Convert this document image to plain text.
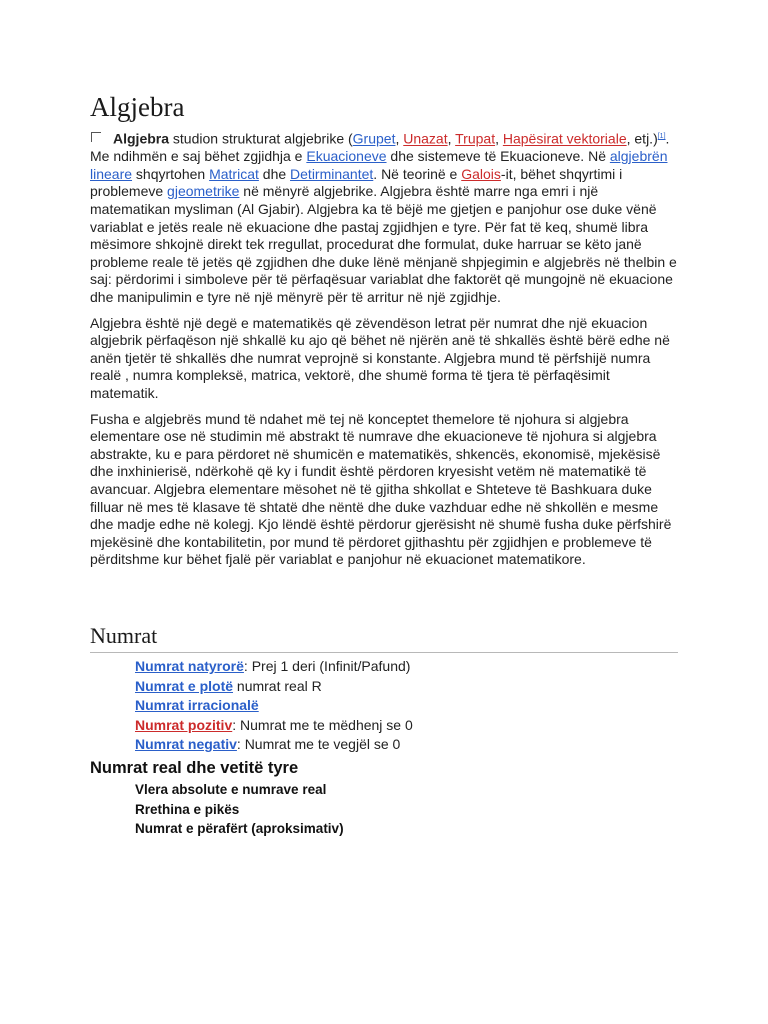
Algjebra

Algjebra studion strukturat algjebrike (Grupet, Unazat, Trupat, Hapësirat vektoriale, etj.)[1]. Me ndihmën e saj bëhet zgjidhja e Ekuacioneve dhe sistemeve të Ekuacioneve. Në algjebrën lineare shqyrtohen Matricat dhe Detirminantet. Në teorinë e Galois-it, bëhet shqyrtimi i problemeve gjeometrike në mënyrë algjebrike. Algjebra është marre nga emri i një matematikan mysliman (Al Gjabir). Algjebra ka të bëjë me gjetjen e panjohur ose duke vënë variablat e jetës reale në ekuacione dhe pastaj zgjidhjen e tyre. Për fat të keq, shumë libra mësimore shkojnë direkt tek rregullat, procedurat dhe formulat, duke harruar se këto janë probleme reale të jetës që zgjidhen dhe duke lënë mënjanë shpjegimin e algjebrës në thelbin e saj: përdorimi i simboleve për të përfaqësuar variablat dhe faktorët që mungojnë në ekuacione dhe manipulimin e tyre në një mënyrë për të arritur në një zgjidhje.

Algjebra është një degë e matematikës që zëvendëson letrat për numrat dhe një ekuacion algjebrik përfaqëson një shkallë ku ajo që bëhet në njërën anë të shkallës është bërë edhe në anën tjetër të shkallës dhe numrat veprojnë si konstante. Algjebra mund të përfshijë numra realë , numra kompleksë, matrica, vektorë, dhe shumë forma të tjera të përfaqësimit matematik.

Fusha e algjebrës mund të ndahet më tej në konceptet themelore të njohura si algjebra elementare ose në studimin më abstrakt të numrave dhe ekuacioneve të njohura si algjebra abstrakte, ku e para përdoret në shumicën e matematikës, shkencës, ekonomisë, mjekësisë dhe inxhinierisë, ndërkohë që ky i fundit është përdoren kryesisht vetëm në matematikë të avancuar. Algjebra elementare mësohet në të gjitha shkollat e Shteteve të Bashkuara duke filluar në mes të klasave të shtatë dhe nëntë dhe duke vazhduar edhe në shkollën e mesme dhe madje edhe në kolegj. Kjo lëndë është përdorur gjerësisht në shumë fusha duke përfshirë mjekësinë dhe kontabilitetin, por mund të përdoret gjithashtu për zgjidhjen e problemeve të përditshme kur bëhet fjalë për variablat e panjohur në ekuacionet matematikore.

Numrat
Numrat natyrorë: Prej 1 deri (Infinit/Pafund)
Numrat e plotë numrat real R
Numrat irracionalë
Numrat pozitiv: Numrat me te mëdhenj se 0
Numrat negativ: Numrat me te vegjël se 0
Numrat real dhe vetitë tyre
Vlera absolute e numrave real
Rrethina e pikës
Numrat e përafërt (aproksimativ)
